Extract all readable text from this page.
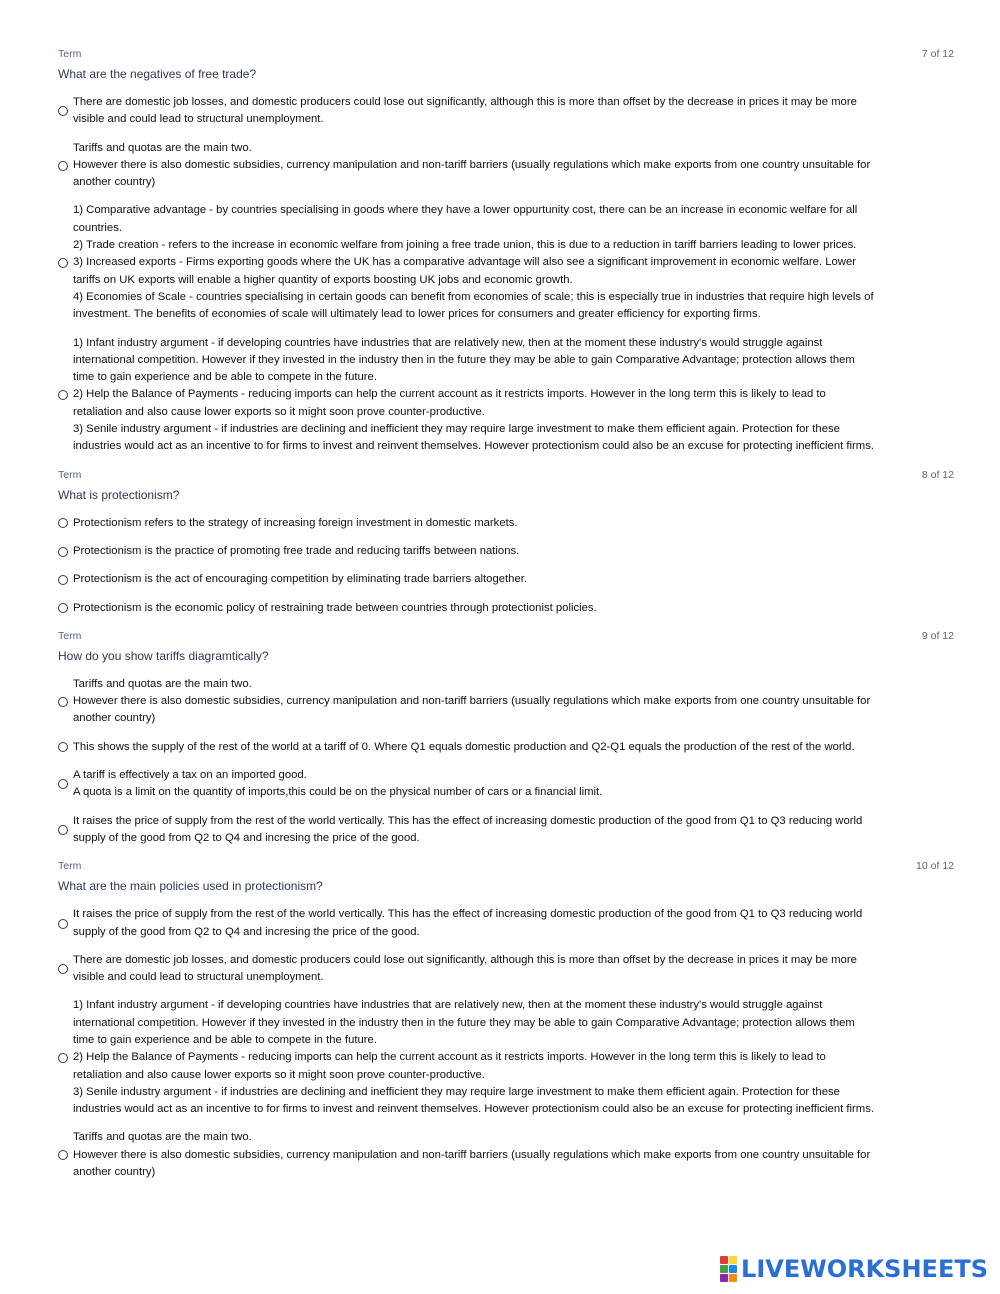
Term	7 of 12
What are the negatives of free trade?
There are domestic job losses, and domestic producers could lose out significantly, although this is more than offset by the decrease in prices it may be more
visible and could lead to structural unemployment.
Tariffs and quotas are the main two.
However there is also domestic subsidies, currency manipulation and non-tariff barriers (usually regulations which make exports from one country unsuitable for
another country)
1) Comparative advantage - by countries specialising in goods where they have a lower oppurtunity cost, there can be an increase in economic welfare for all
countries.
2) Trade creation - refers to the increase in economic welfare from joining a free trade union, this is due to a reduction in tariff barriers leading to lower prices.
3) Increased exports - Firms exporting goods where the UK has a comparative advantage will also see a significant improvement in economic welfare. Lower
tariffs on UK exports will enable a higher quantity of exports boosting UK jobs and economic growth.
4) Economies of Scale - countries specialising in certain goods can benefit from economies of scale; this is especially true in industries that require high levels of
investment. The benefits of economies of scale will ultimately lead to lower prices for consumers and greater efficiency for exporting firms.
1) Infant industry argument - if developing countries have industries that are relatively new, then at the moment these industry's would struggle against
international competition. However if they invested in the industry then in the future they may be able to gain Comparative Advantage; protection allows them
time to gain experience and be able to compete in the future.
2) Help the Balance of Payments - reducing imports can help the current account as it restricts imports. However in the long term this is likely to lead to
retaliation and also cause lower exports so it might soon prove counter-productive.
3) Senile industry argument - if industries are declining and inefficient they may require large investment to make them efficient again. Protection for these
industries would act as an incentive to for firms to invest and reinvent themselves. However protectionism could also be an excuse for protecting inefficient firms.
Term	8 of 12
What is protectionism?
Protectionism refers to the strategy of increasing foreign investment in domestic markets.
Protectionism is the practice of promoting free trade and reducing tariffs between nations.
Protectionism is the act of encouraging competition by eliminating trade barriers altogether.
Protectionism is the economic policy of restraining trade between countries through protectionist policies.
Term	9 of 12
How do you show tariffs diagramtically?
Tariffs and quotas are the main two.
However there is also domestic subsidies, currency manipulation and non-tariff barriers (usually regulations which make exports from one country unsuitable for
another country)
This shows the supply of the rest of the world at a tariff of 0. Where Q1 equals domestic production and Q2-Q1 equals the production of the rest of the world.
A tariff is effectively a tax on an imported good.
A quota is a limit on the quantity of imports,this could be on the physical number of cars or a financial limit.
It raises the price of supply from the rest of the world vertically. This has the effect of increasing domestic production of the good from Q1 to Q3 reducing world
supply of the good from Q2 to Q4 and incresing the price of the good.
Term	10 of 12
What are the main policies used in protectionism?
It raises the price of supply from the rest of the world vertically. This has the effect of increasing domestic production of the good from Q1 to Q3 reducing world
supply of the good from Q2 to Q4 and incresing the price of the good.
There are domestic job losses, and domestic producers could lose out significantly, although this is more than offset by the decrease in prices it may be more
visible and could lead to structural unemployment.
1) Infant industry argument - if developing countries have industries that are relatively new, then at the moment these industry's would struggle against
international competition. However if they invested in the industry then in the future they may be able to gain Comparative Advantage; protection allows them
time to gain experience and be able to compete in the future.
2) Help the Balance of Payments - reducing imports can help the current account as it restricts imports. However in the long term this is likely to lead to
retaliation and also cause lower exports so it might soon prove counter-productive.
3) Senile industry argument - if industries are declining and inefficient they may require large investment to make them efficient again. Protection for these
industries would act as an incentive to for firms to invest and reinvent themselves. However protectionism could also be an excuse for protecting inefficient firms.
Tariffs and quotas are the main two.
However there is also domestic subsidies, currency manipulation and non-tariff barriers (usually regulations which make exports from one country unsuitable for
another country)
LIVEWORKSHEETS
